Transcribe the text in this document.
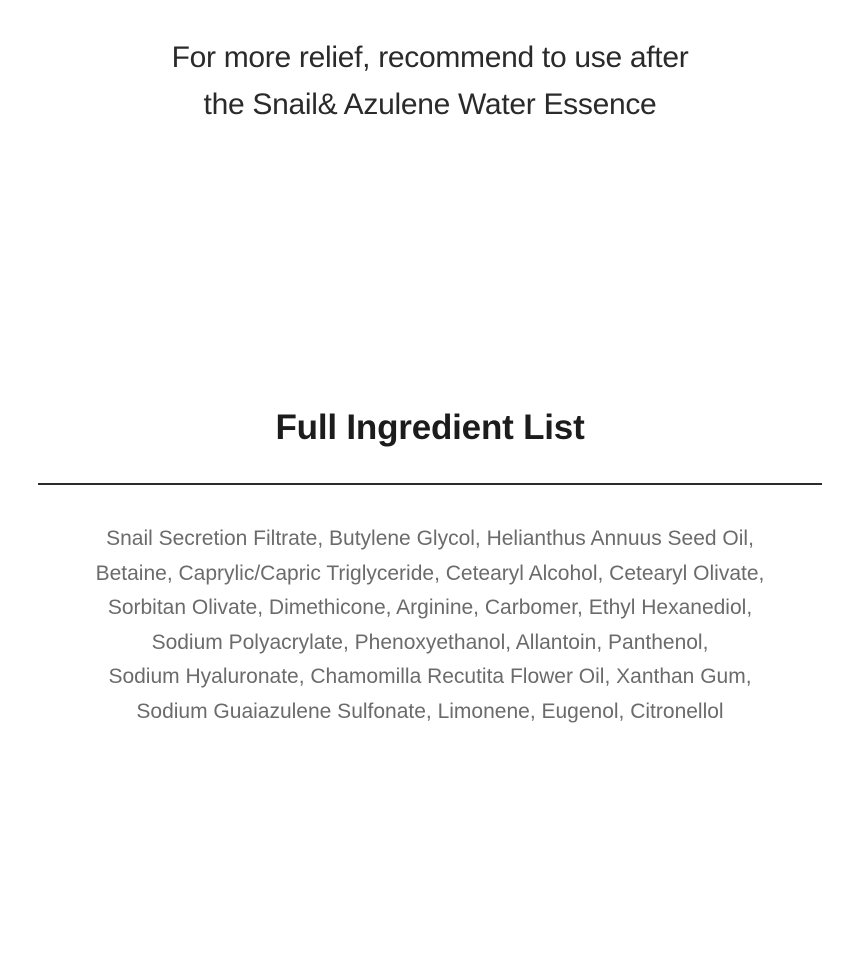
For more relief, recommend to use after
the Snail& Azulene Water Essence
Full Ingredient List
Snail Secretion Filtrate, Butylene Glycol, Helianthus Annuus Seed Oil,
Betaine, Caprylic/Capric Triglyceride, Cetearyl Alcohol, Cetearyl Olivate,
Sorbitan Olivate, Dimethicone, Arginine, Carbomer, Ethyl Hexanediol,
Sodium Polyacrylate, Phenoxyethanol, Allantoin, Panthenol,
Sodium Hyaluronate, Chamomilla Recutita Flower Oil, Xanthan Gum,
Sodium Guaiazulene Sulfonate, Limonene, Eugenol, Citronellol
